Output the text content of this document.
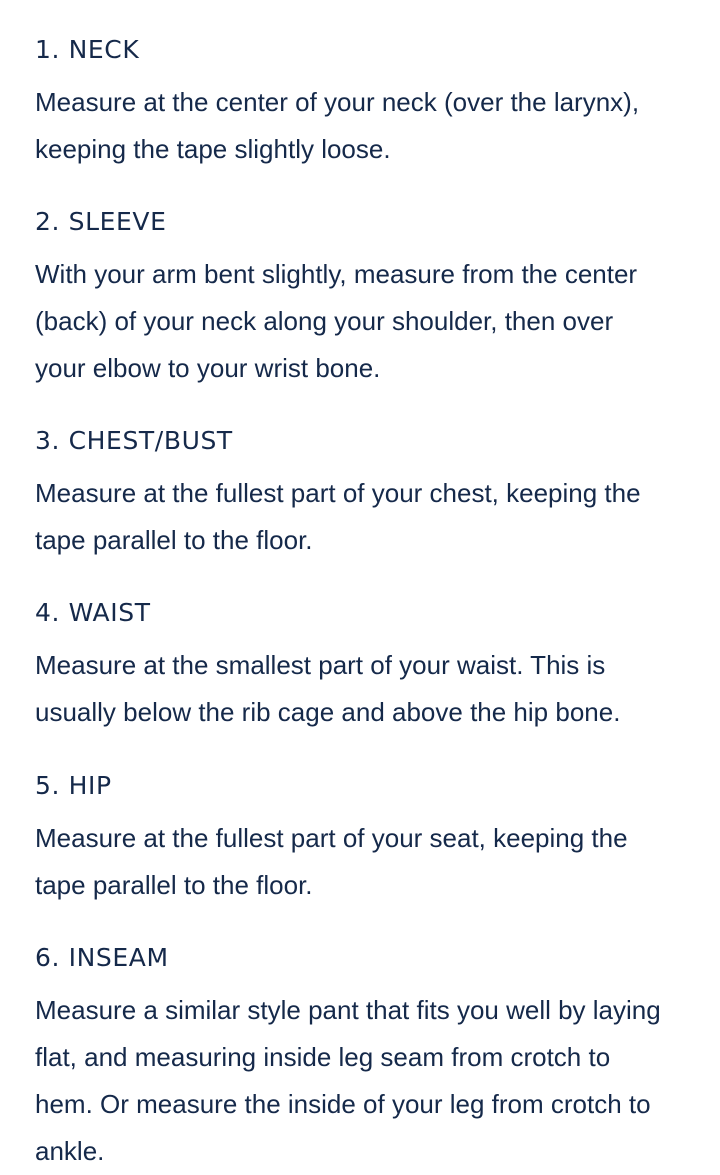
1. NECK

Measure at the center of your neck (over the larynx),
keeping the tape slightly loose.

2. SLEEVE

With your arm bent slightly, measure from the center
(back) of your neck along your shoulder, then over
your elbow to your wrist bone.

3. CHEST/BUST

Measure at the fullest part of your chest, keeping the
tape parallel to the floor.

4. WAIST

Measure at the smallest part of your waist. This is
usually below the rib cage and above the hip bone.

5. HIP

Measure at the fullest part of your seat, keeping the
tape parallel to the floor.

6. INSEAM

Measure a similar style pant that fits you well by laying
flat, and measuring inside leg seam from crotch to
hem. Or measure the inside of your leg from crotch to
ankle.
